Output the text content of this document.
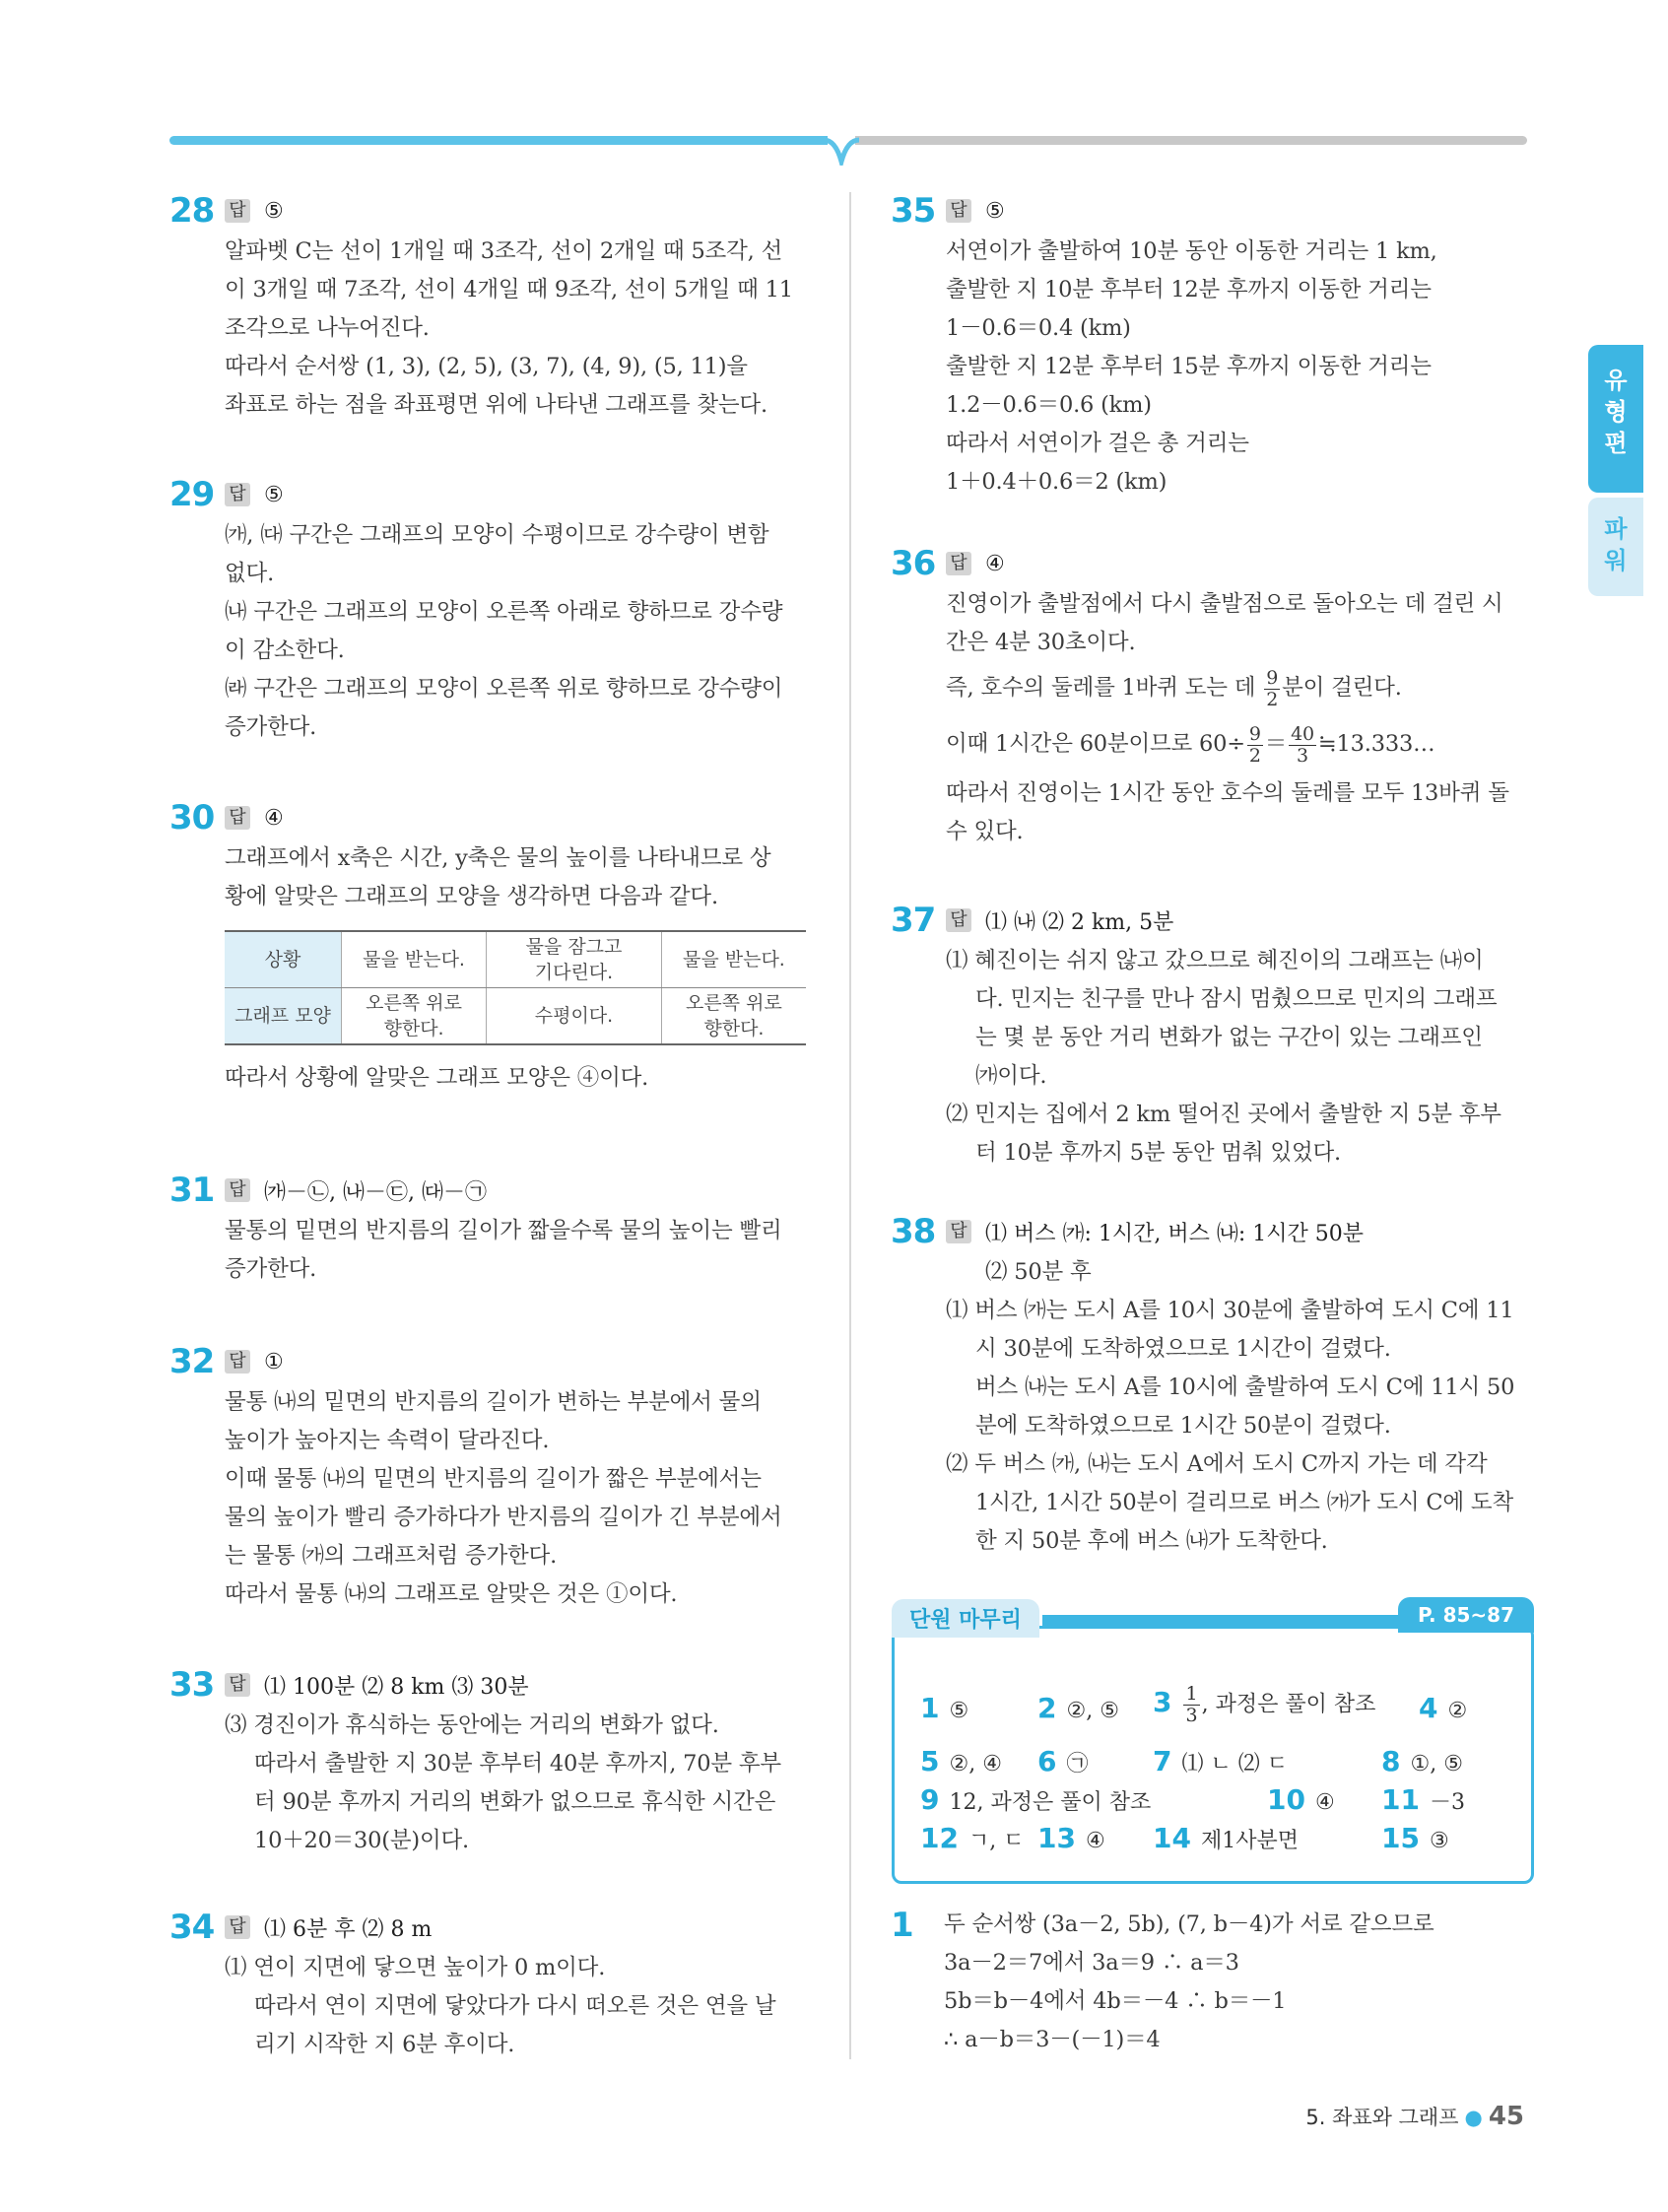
유
형
편
파
워
28 답 ⑤
알파벳 C는 선이 1개일 때 3조각, 선이 2개일 때 5조각, 선
이 3개일 때 7조각, 선이 4개일 때 9조각, 선이 5개일 때 11
조각으로 나누어진다.
따라서 순서쌍 (1, 3), (2, 5), (3, 7), (4, 9), (5, 11)을
좌표로 하는 점을 좌표평면 위에 나타낸 그래프를 찾는다.
29 답 ⑤
㈎, ㈐ 구간은 그래프의 모양이 수평이므로 강수량이 변함
없다.
㈏ 구간은 그래프의 모양이 오른쪽 아래로 향하므로 강수량
이 감소한다.
㈑ 구간은 그래프의 모양이 오른쪽 위로 향하므로 강수량이
증가한다.
30 답 ④
그래프에서 x축은 시간, y축은 물의 높이를 나타내므로 상
황에 알맞은 그래프의 모양을 생각하면 다음과 같다.
상황	물을 받는다.	물을 잠그고 기다린다.	물을 받는다.
그래프 모양	오른쪽 위로 향한다.	수평이다.	오른쪽 위로 향한다.
따라서 상황에 알맞은 그래프 모양은 ④이다.
31 답 ㈎－㉡, ㈏－㉢, ㈐－㉠
물통의 밑면의 반지름의 길이가 짧을수록 물의 높이는 빨리
증가한다.
32 답 ①
물통 ㈏의 밑면의 반지름의 길이가 변하는 부분에서 물의
높이가 높아지는 속력이 달라진다.
이때 물통 ㈏의 밑면의 반지름의 길이가 짧은 부분에서는
물의 높이가 빨리 증가하다가 반지름의 길이가 긴 부분에서
는 물통 ㈎의 그래프처럼 증가한다.
따라서 물통 ㈏의 그래프로 알맞은 것은 ①이다.
33 답 ⑴ 100분 ⑵ 8 km ⑶ 30분
⑶ 경진이가 휴식하는 동안에는 거리의 변화가 없다.
따라서 출발한 지 30분 후부터 40분 후까지, 70분 후부
터 90분 후까지 거리의 변화가 없으므로 휴식한 시간은
10＋20＝30(분)이다.
34 답 ⑴ 6분 후 ⑵ 8 m
⑴ 연이 지면에 닿으면 높이가 0 m이다.
따라서 연이 지면에 닿았다가 다시 떠오른 것은 연을 날
리기 시작한 지 6분 후이다.
35 답 ⑤
서연이가 출발하여 10분 동안 이동한 거리는 1 km,
출발한 지 10분 후부터 12분 후까지 이동한 거리는
1－0.6＝0.4 (km)
출발한 지 12분 후부터 15분 후까지 이동한 거리는
1.2－0.6＝0.6 (km)
따라서 서연이가 걸은 총 거리는
1＋0.4＋0.6＝2 (km)
36 답 ④
진영이가 출발점에서 다시 출발점으로 돌아오는 데 걸린 시
간은 4분 30초이다.
즉, 호수의 둘레를 1바퀴 도는 데 $\frac{9}{2}$ 분이 걸린다.
이때 1시간은 60분이므로 $60\div \frac{9}{2} = \frac{40}{3}$ ≒13.333…
따라서 진영이는 1시간 동안 호수의 둘레를 모두 13바퀴 돌
수 있다.
37 답 ⑴ ㈏ ⑵ 2 km, 5분
⑴ 혜진이는 쉬지 않고 갔으므로 혜진이의 그래프는 ㈏이
다. 민지는 친구를 만나 잠시 멈췄으므로 민지의 그래프
는 몇 분 동안 거리 변화가 없는 구간이 있는 그래프인
㈎이다.
⑵ 민지는 집에서 2 km 떨어진 곳에서 출발한 지 5분 후부
터 10분 후까지 5분 동안 멈춰 있었다.
38 답 ⑴ 버스 ㈎: 1시간, 버스 ㈏: 1시간 50분
⑵ 50분 후
⑴ 버스 ㈎는 도시 A를 10시 30분에 출발하여 도시 C에 11
시 30분에 도착하였으므로 1시간이 걸렸다.
버스 ㈏는 도시 A를 10시에 출발하여 도시 C에 11시 50
분에 도착하였으므로 1시간 50분이 걸렸다.
⑵ 두 버스 ㈎, ㈏는 도시 A에서 도시 C까지 가는 데 각각
1시간, 1시간 50분이 걸리므로 버스 ㈎가 도시 C에 도착
한 지 50분 후에 버스 ㈏가 도착한다.
1	두 순서쌍 (3a－2, 5b), (7, b－4)가 서로 같으므로
3a－2＝7에서 3a＝9 ∴ a＝3
5b＝b－4에서 4b＝－4 ∴ b＝－1
∴ a－b＝3－(－1)＝4
단원 마무리	P. 85~87
1 ⑤ 2 ②, ⑤ $3 \frac{1}{3}$ , 과정은 풀이 참조 4 ②
5 ②, ④ 6 ㉠ 7 ⑴ ㄴ ⑵ ㄷ	8 ①, ⑤
9 12, 과정은 풀이 참조	10 ④ 11 －3
12 ㄱ, ㄷ 13 ④ 14 제1사분면	15 ③
5. 좌표와 그래프 ● 45
